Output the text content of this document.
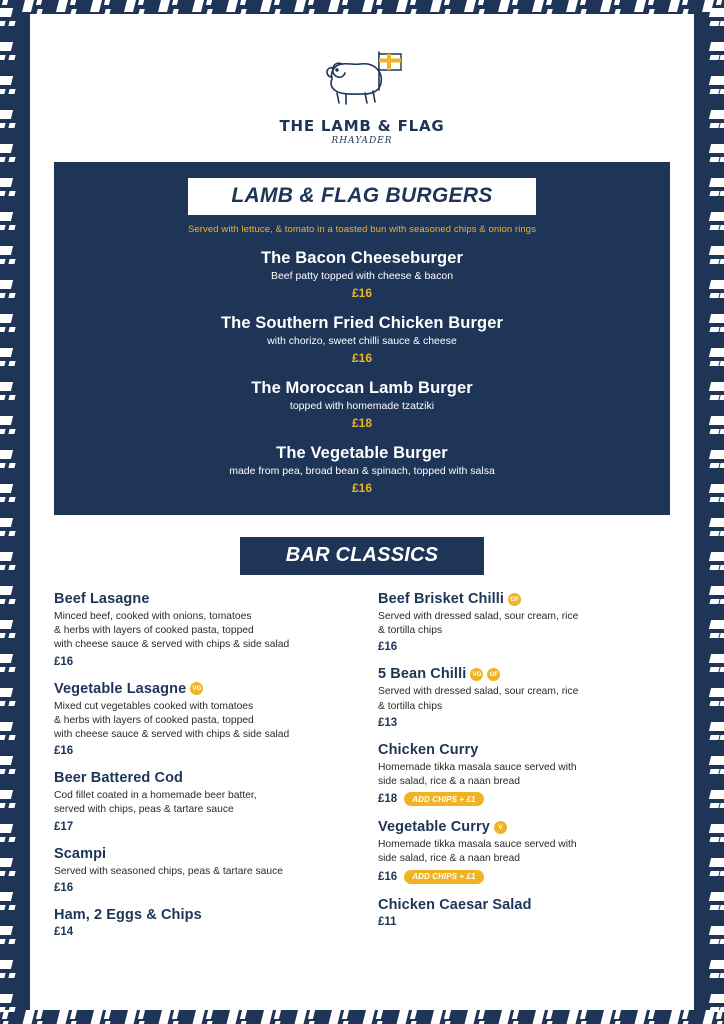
THE LAMB & FLAG
RHAYADER
LAMB & FLAG BURGERS
Served with lettuce, & tomato in a toasted bun with seasoned chips & onion rings
The Bacon Cheeseburger
Beef patty topped with cheese & bacon
£16
The Southern Fried Chicken Burger
with chorizo, sweet chilli sauce & cheese
£16
The Moroccan Lamb Burger
topped with homemade tzatziki
£18
The Vegetable Burger
made from pea, broad bean & spinach, topped with salsa
£16
BAR CLASSICS
Beef Lasagne
Minced beef, cooked with onions, tomatoes
& herbs with layers of cooked pasta, topped
with cheese sauce & served with chips & side salad
£16
Vegetable Lasagne VG
Mixed cut vegetables cooked with tomatoes
& herbs with layers of cooked pasta, topped
with cheese sauce & served with chips & side salad
£16
Beer Battered Cod
Cod fillet coated in a homemade beer batter,
served with chips, peas & tartare sauce
£17
Scampi
Served with seasoned chips, peas & tartare sauce
£16
Ham, 2 Eggs & Chips
£14
Beef Brisket Chilli GF
Served with dressed salad, sour cream, rice
& tortilla chips
£16
5 Bean Chilli VG	GF
Served with dressed salad, sour cream, rice
& tortilla chips
£13
Chicken Curry
Homemade tikka masala sauce served with
side salad, rice & a naan bread
£18	ADD CHIPS + £1
Vegetable Curry	V
Homemade tikka masala sauce served with
side salad, rice & a naan bread
£16	ADD CHIPS + £1
Chicken Caesar Salad
£11
